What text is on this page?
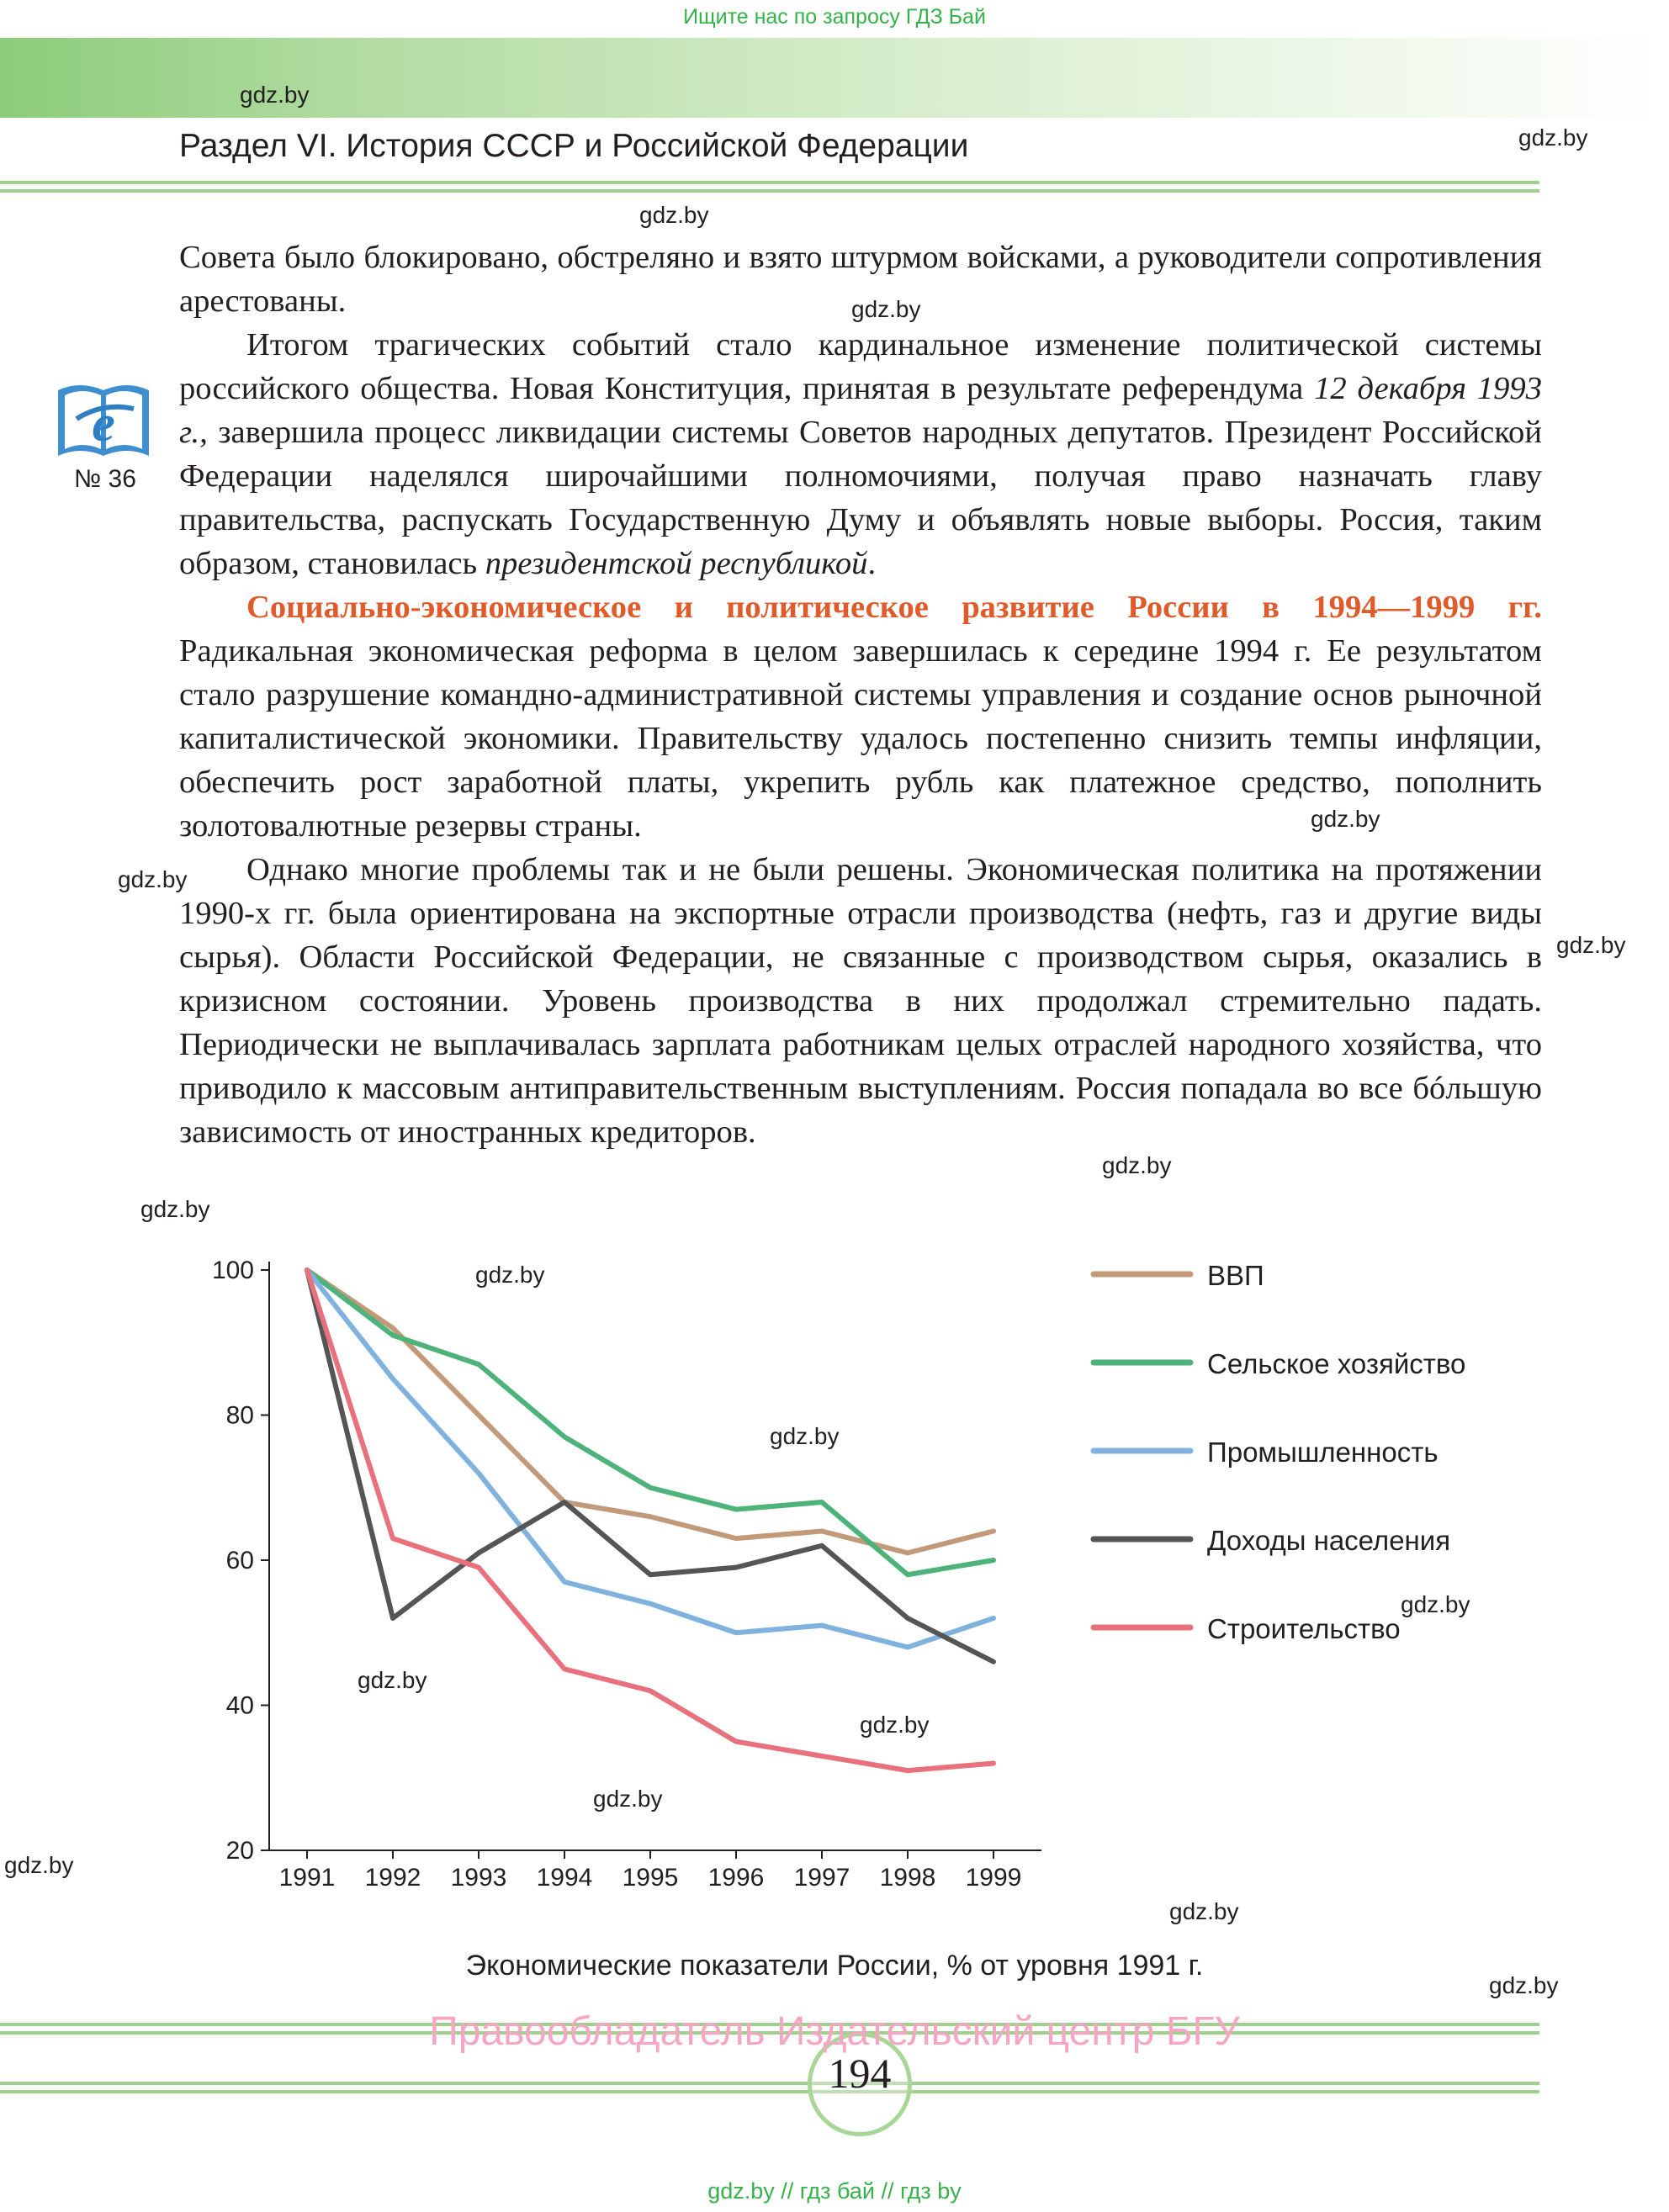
Ищите нас по запросу ГДЗ Бай
gdz.by
Раздел VI. История СССР и Российской Федерации	gdz.by
gdz.by
gdz.by
gdz.by
gdz.by
gdz.by
gdz.by
gdz.by
e
№ 36

Совета было блокировано, обстреляно и взято штурмом войсками, а руководители сопротивления арестованы.

Итогом трагических событий стало кардинальное изменение политической системы российского общества. Новая Конституция, принятая в результате референдума 12 декабря 1993 г., завершила процесс ликвидации системы Советов народных депутатов. Президент Российской Федерации наделялся широчайшими полномочиями, получая право назначать главу правительства, распускать Государственную Думу и объявлять новые выборы. Россия, таким образом, становилась президентской республикой.

Социально-экономическое и политическое развитие России в 1994—1999 гг. Радикальная экономическая реформа в целом завершилась к середине 1994 г. Ее результатом стало разрушение командно-административной системы управления и создание основ рыночной капиталистической экономики. Правительству удалось постепенно снизить темпы инфляции, обеспечить рост заработной платы, укрепить рубль как платежное средство, пополнить золотовалютные резервы страны.

Однако многие проблемы так и не были решены. Экономическая политика на протяжении 1990-х гг. была ориентирована на экспортные отрасли производства (нефть, газ и другие виды сырья). Области Российской Федерации, не связанные с производством сырья, оказались в кризисном состоянии. Уровень производства в них продолжал стремительно падать. Периодически не выплачивалась зарплата работникам целых отраслей народного хозяйства, что приводило к массовым антиправительственным выступлениям. Россия попадала во все бóльшую зависимость от иностранных кредиторов.

20
40
60
80
100
1991 1992 1993 1994 1995 1996 1997 1998 1999
ВВП
Сельское хозяйство
Промышленность
Доходы населения
Строительство
gdz.by
gdz.by
gdz.by
gdz.by
gdz.by
gdz.by
gdz.by
gdz.by
Экономические показатели России, % от уровня 1991 г.
gdz.by
Правообладатель Издательский центр БГУ
194
gdz.by // гдз бай // гдз by
